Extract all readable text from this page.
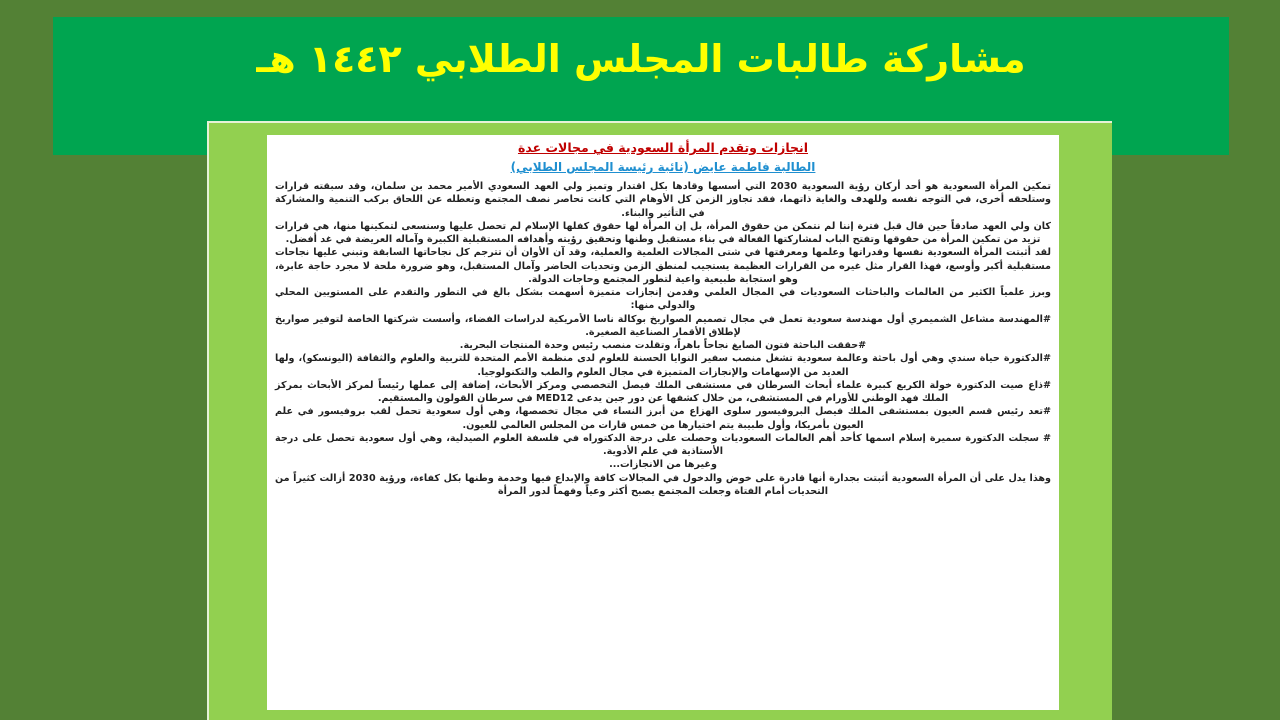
مشاركة طالبات المجلس الطلابي ١٤٤٢ هـ

انجازات وتقدم المرأة السعودية في مجالات عدة

الطالبة فاطمة عايض (نائبة رئيسة المجلس الطلابي)

تمكين المرأة السعودية هو أحد أركان رؤية السعودية 2030 التي أسسها وقادها بكل اقتدار وتميز ولي العهد السعودي الأمير محمد بن سلمان، وقد سبقته قرارات وستلحقه أخرى، في التوجه نفسه وللهدف والغاية ذاتهما، فقد تجاوز الزمن كل الأوهام التي كانت تحاصر نصف المجتمع وتعطله عن اللحاق بركب التنمية والمشاركة في التأثير والبناء.

كان ولي العهد صادقاً حين قال قبل فترة إننا لم نتمكن من حقوق المرأة، بل إن المرأة لها حقوق كفلها الإسلام لم تحصل عليها وسنسعى لتمكينها منها، هي قرارات تزيد من تمكين المرأة من حقوقها وتفتح الباب لمشاركتها الفعالة في بناء مستقبل وطنها وتحقيق رؤيته وأهدافه المستقبلية الكبيرة وآماله العريضة في غد أفضل.

لقد أثبتت المرأة السعودية نفسها وقدراتها وعلمها ومعرفتها في شتى المجالات العلمية والعملية، وقد آن الأوان أن تترجم كل نجاحاتها السابقة وتبني عليها نجاحات مستقبلية أكبر وأوسع، فهذا القرار مثل غيره من القرارات العظيمة يستجيب لمنطق الزمن وتحديات الحاضر وآمال المستقبل، وهو ضرورة ملحة لا مجرد حاجة عابرة، وهو استجابة طبيعية واعية لتطور المجتمع وحاجات الدولة.

وبرز علمياً الكثير من العالمات والباحثات السعوديات في المجال العلمي وقدمن إنجازات متميزة أسهمت بشكل بالغ في التطور والتقدم على المستويين المحلي والدولي منها:

#المهندسة مشاعل الشميمري أول مهندسة سعودية تعمل في مجال تصميم الصواريخ بوكالة ناسا الأمريكية لدراسات الفضاء، وأسست شركتها الخاصة لتوفير صواريخ لإطلاق الأقمار الصناعية الصغيرة.

#حققت الباحثة فتون الصايغ نجاحاً باهراً، وتقلدت منصب رئيس وحدة المنتجات البحرية.

#الدكتورة حياة سندي وهي أول باحثة وعالمة سعودية تشغل منصب سفير النوايا الحسنة للعلوم لدى منظمة الأمم المتحدة للتربية والعلوم والثقافة (اليونسكو)، ولها العديد من الإسهامات والإنجازات المتميزة في مجال العلوم والطب والتكنولوجيا.

#ذاع صيت الدكتورة خولة الكريع كبيرة علماء أبحاث السرطان في مستشفى الملك فيصل التخصصي ومركز الأبحاث، إضافة إلى عملها رئيساً لمركز الأبحاث بمركز الملك فهد الوطني للأورام في المستشفى، من خلال كشفها عن دور جين يدعى MED12 في سرطان القولون والمستقيم.

#تعد رئيس قسم العيون بمستشفى الملك فيصل البروفيسور سلوى الهزاع من أبرز النساء في مجال تخصصها، وهي أول سعودية تحمل لقب بروفيسور في علم العيون بأمريكا، وأول طبيبة يتم اختيارها من خمس قارات من المجلس العالمي للعيون.

# سجلت الدكتورة سميرة إسلام اسمها كأحد أهم العالمات السعوديات وحصلت على درجة الدكتوراه في فلسفة العلوم الصيدلية، وهي أول سعودية تحصل على درجة الأستاذية في علم الأدوية.

وغيرها من الانجازات...

وهذا يدل على أن المرأة السعودية أثبتت بجدارة أنها قادرة على خوض والدخول في المجالات كافة والإبداع فيها وخدمة وطنها بكل كفاءة، ورؤية 2030 أزالت كثيراً من التحديات أمام الفتاة وجعلت المجتمع يصبح أكثر وعياً وفهماً لدور المرأة
